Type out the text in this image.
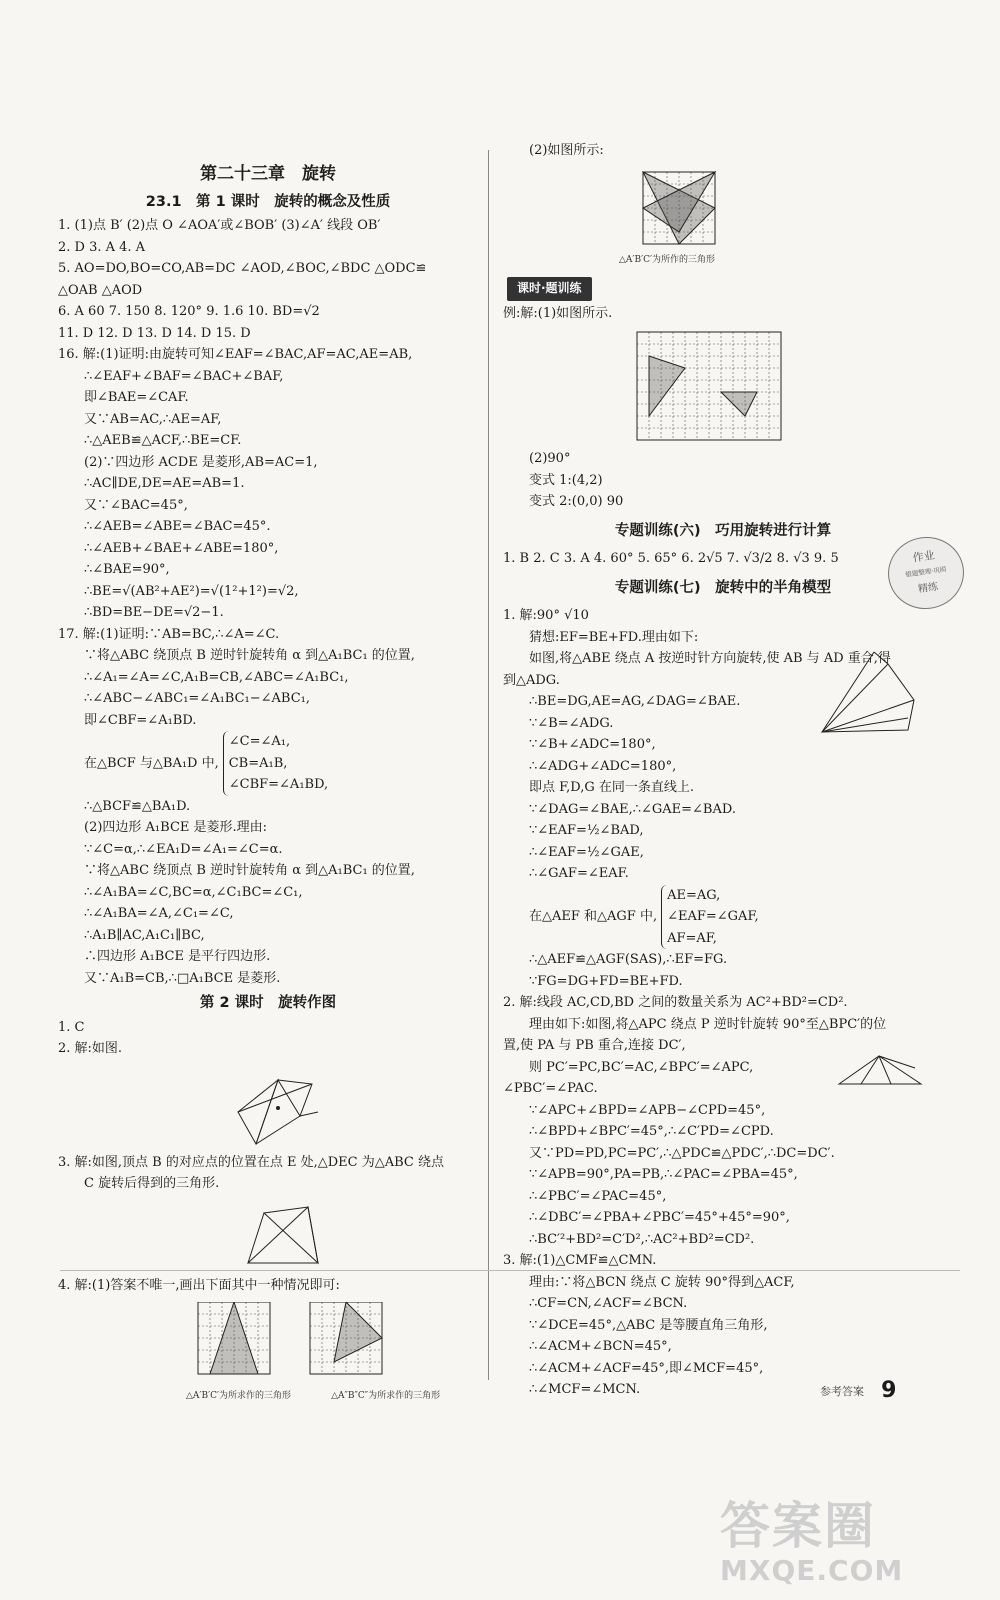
第二十三章　旋转
23.1　第 1 课时　旋转的概念及性质
1. (1)点 B′ (2)点 O ∠AOA′或∠BOB′ (3)∠A′ 线段 OB′
2. D 3. A 4. A
5. AO=DO,BO=CO,AB=DC ∠AOD,∠BOC,∠BDC △ODC≌
△OAB △AOD
6. A 60 7. 150 8. 120° 9. 1.6 10. BD=√2
11. D 12. D 13. D 14. D 15. D
16. 解:(1)证明:由旋转可知∠EAF=∠BAC,AF=AC,AE=AB,
∴∠EAF+∠BAF=∠BAC+∠BAF,
即∠BAE=∠CAF.
又∵AB=AC,∴AE=AF,
∴△AEB≌△ACF,∴BE=CF.
(2)∵四边形 ACDE 是菱形,AB=AC=1,
∴AC∥DE,DE=AE=AB=1.
又∵∠BAC=45°,
∴∠AEB=∠ABE=∠BAC=45°.
∴∠AEB+∠BAE+∠ABE=180°,
∴∠BAE=90°,
∴BE=√(AB²+AE²)=√(1²+1²)=√2,
∴BD=BE−DE=√2−1.
17. 解:(1)证明:∵AB=BC,∴∠A=∠C.
∵将△ABC 绕顶点 B 逆时针旋转角 α 到△A₁BC₁ 的位置,
∴∠A₁=∠A=∠C,A₁B=CB,∠ABC=∠A₁BC₁,
∴∠ABC−∠ABC₁=∠A₁BC₁−∠ABC₁,
即∠CBF=∠A₁BD.
在△BCF 与△BA₁D 中,
∠C=∠A₁,
CB=A₁B,
∠CBF=∠A₁BD,
∴△BCF≌△BA₁D.
(2)四边形 A₁BCE 是菱形.理由:
∵∠C=α,∴∠EA₁D=∠A₁=∠C=α.
∵将△ABC 绕顶点 B 逆时针旋转角 α 到△A₁BC₁ 的位置,
∴∠A₁BA=∠C,BC=α,∠C₁BC=∠C₁,
∴∠A₁BA=∠A,∠C₁=∠C,
∴A₁B∥AC,A₁C₁∥BC,
∴四边形 A₁BCE 是平行四边形.
又∵A₁B=CB,∴□A₁BCE 是菱形.
第 2 课时　旋转作图
1. C
2. 解:如图.
3. 解:如图,顶点 B 的对应点的位置在点 E 处,△DEC 为△ABC 绕点
C 旋转后得到的三角形.
4. 解:(1)答案不唯一,画出下面其中一种情况即可:
△A′B′C′为所求作的三角形	△A″B″C″为所求作的三角形
(2)如图所示:
△A′B′C′为所作的三角形
课时·题训练
例:解:(1)如图所示.
(2)90°
变式 1:(4,2)
变式 2:(0,0) 90
专题训练(六)　巧用旋转进行计算
1. B 2. C 3. A 4. 60° 5. 65° 6. 2√5 7. √3/2 8. √3 9. 5
专题训练(七)　旋转中的半角模型
1. 解:90° √10
猜想:EF=BE+FD.理由如下:
如图,将△ABE 绕点 A 按逆时针方向旋转,使 AB 与 AD 重合,得
到△ADG.
∴BE=DG,AE=AG,∠DAG=∠BAE.
∵∠B=∠ADG.
∵∠B+∠ADC=180°,
∴∠ADG+∠ADC=180°,
即点 F,D,G 在同一条直线上.
∵∠DAG=∠BAE,∴∠GAE=∠BAD.
∵∠EAF=½∠BAD,
∴∠EAF=½∠GAE,
∴∠GAF=∠EAF.
在△AEF 和△AGF 中,
AE=AG,
∠EAF=∠GAF,
AF=AF,
∴△AEF≌△AGF(SAS),∴EF=FG.
∵FG=DG+FD=BE+FD.
2. 解:线段 AC,CD,BD 之间的数量关系为 AC²+BD²=CD².
理由如下:如图,将△APC 绕点 P 逆时针旋转 90°至△BPC′的位
置,使 PA 与 PB 重合,连接 DC′,
则 PC′=PC,BC′=AC,∠BPC′=∠APC,
∠PBC′=∠PAC.
∵∠APC+∠BPD=∠APB−∠CPD=45°,
∴∠BPD+∠BPC′=45°,∴∠C′PD=∠CPD.
又∵PD=PD,PC=PC′,∴△PDC≌△PDC′,∴DC=DC′.
∵∠APB=90°,PA=PB,∴∠PAC=∠PBA=45°,
∴∠PBC′=∠PAC=45°,
∴∠DBC′=∠PBA+∠PBC′=45°+45°=90°,
∴BC′²+BD²=C′D²,∴AC²+BD²=CD².
3. 解:(1)△CMF≌△CMN.
理由:∵将△BCN 绕点 C 旋转 90°得到△ACF,
∴CF=CN,∠ACF=∠BCN.
∵∠DCE=45°,△ABC 是等腰直角三角形,
∴∠ACM+∠BCN=45°,
∴∠ACM+∠ACF=45°,即∠MCF=45°,
∴∠MCF=∠MCN.
作业
错题整理·巩固
精练
参考答案 9
答案圈
MXQE.COM
